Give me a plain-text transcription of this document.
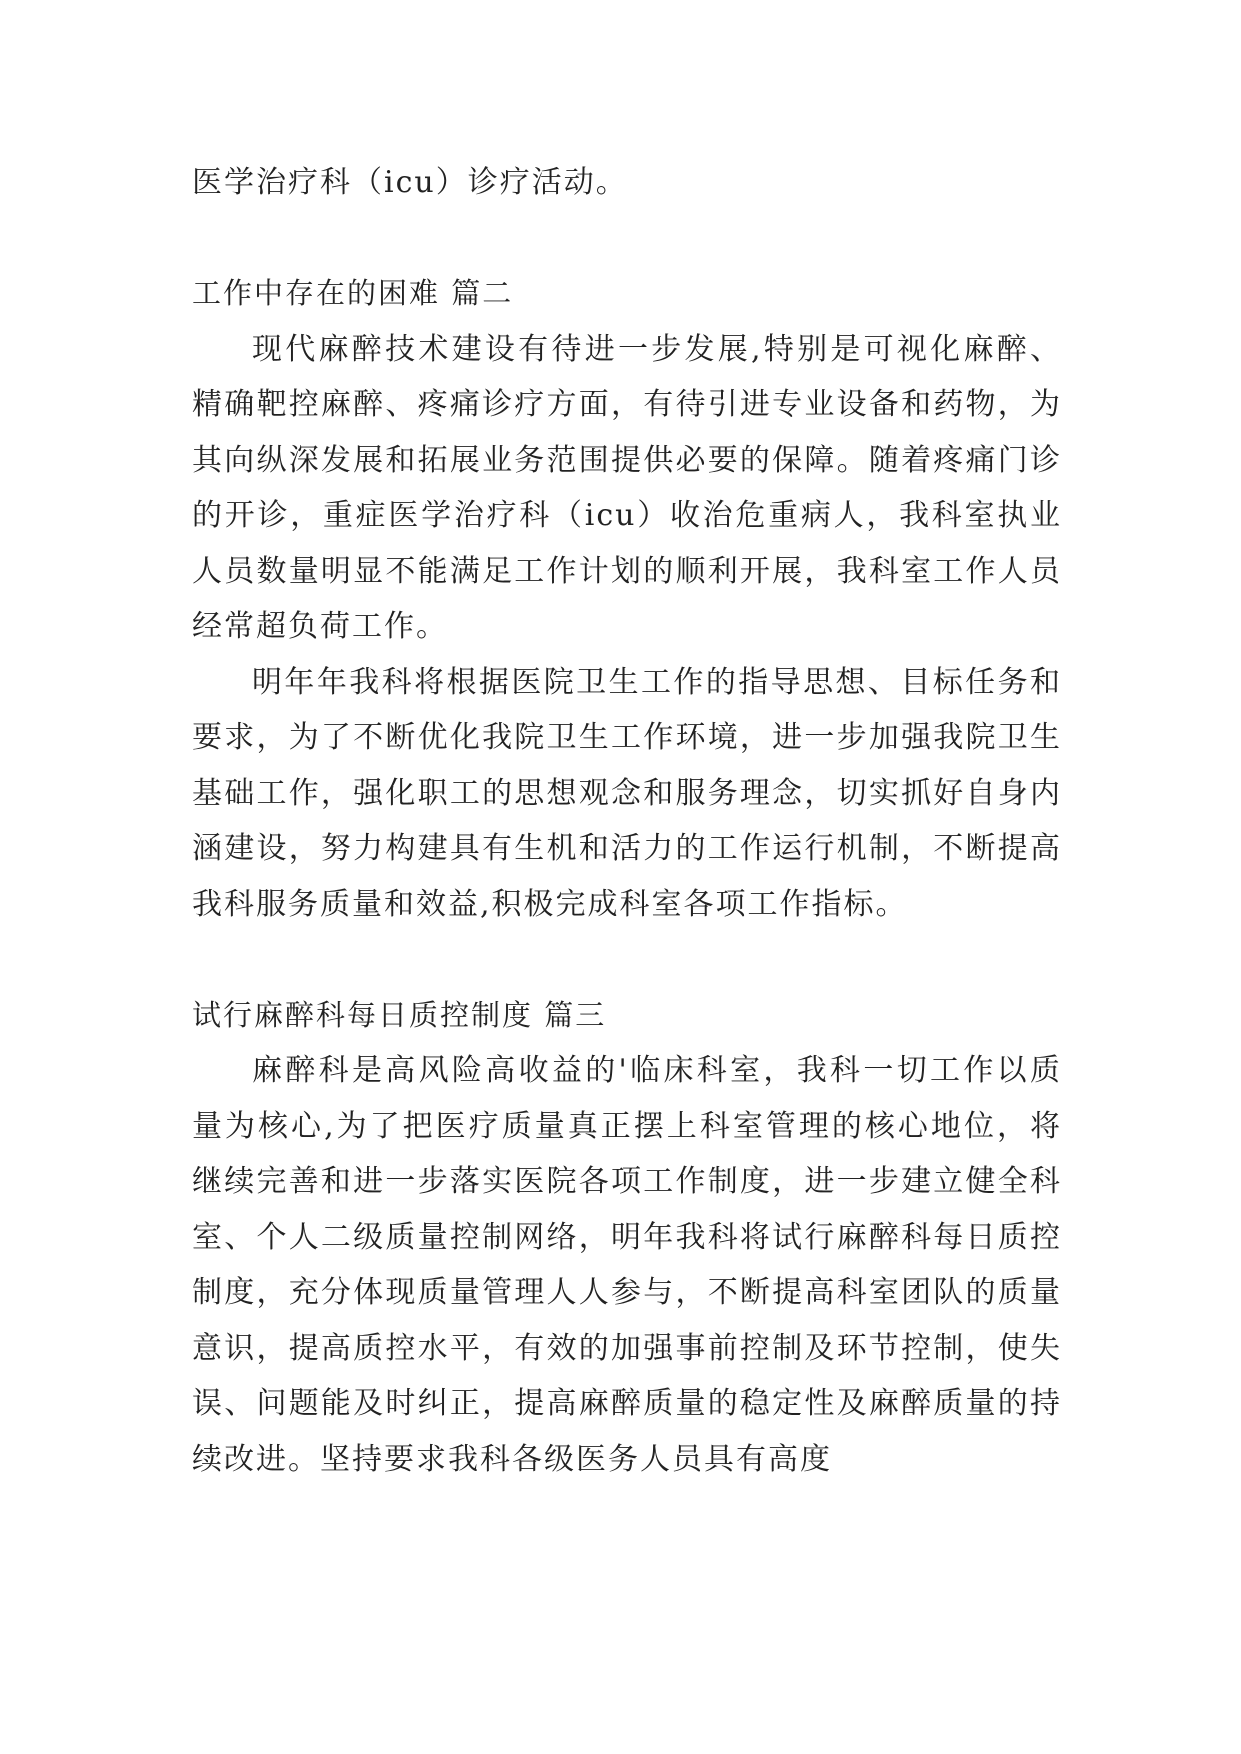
医学治疗科（icu）诊疗活动。

工作中存在的困难 篇二

现代麻醉技术建设有待进一步发展,特别是可视化麻醉、精确靶控麻醉、疼痛诊疗方面，有待引进专业设备和药物，为其向纵深发展和拓展业务范围提供必要的保障。随着疼痛门诊的开诊，重症医学治疗科（icu）收治危重病人，我科室执业人员数量明显不能满足工作计划的顺利开展，我科室工作人员经常超负荷工作。

明年年我科将根据医院卫生工作的指导思想、目标任务和要求，为了不断优化我院卫生工作环境，进一步加强我院卫生基础工作，强化职工的思想观念和服务理念，切实抓好自身内涵建设，努力构建具有生机和活力的工作运行机制，不断提高我科服务质量和效益,积极完成科室各项工作指标。

试行麻醉科每日质控制度 篇三

麻醉科是高风险高收益的'临床科室，我科一切工作以质量为核心,为了把医疗质量真正摆上科室管理的核心地位，将继续完善和进一步落实医院各项工作制度，进一步建立健全科室、个人二级质量控制网络，明年我科将试行麻醉科每日质控制度，充分体现质量管理人人参与，不断提高科室团队的质量意识，提高质控水平，有效的加强事前控制及环节控制，使失误、问题能及时纠正，提高麻醉质量的稳定性及麻醉质量的持续改进。坚持要求我科各级医务人员具有高度
